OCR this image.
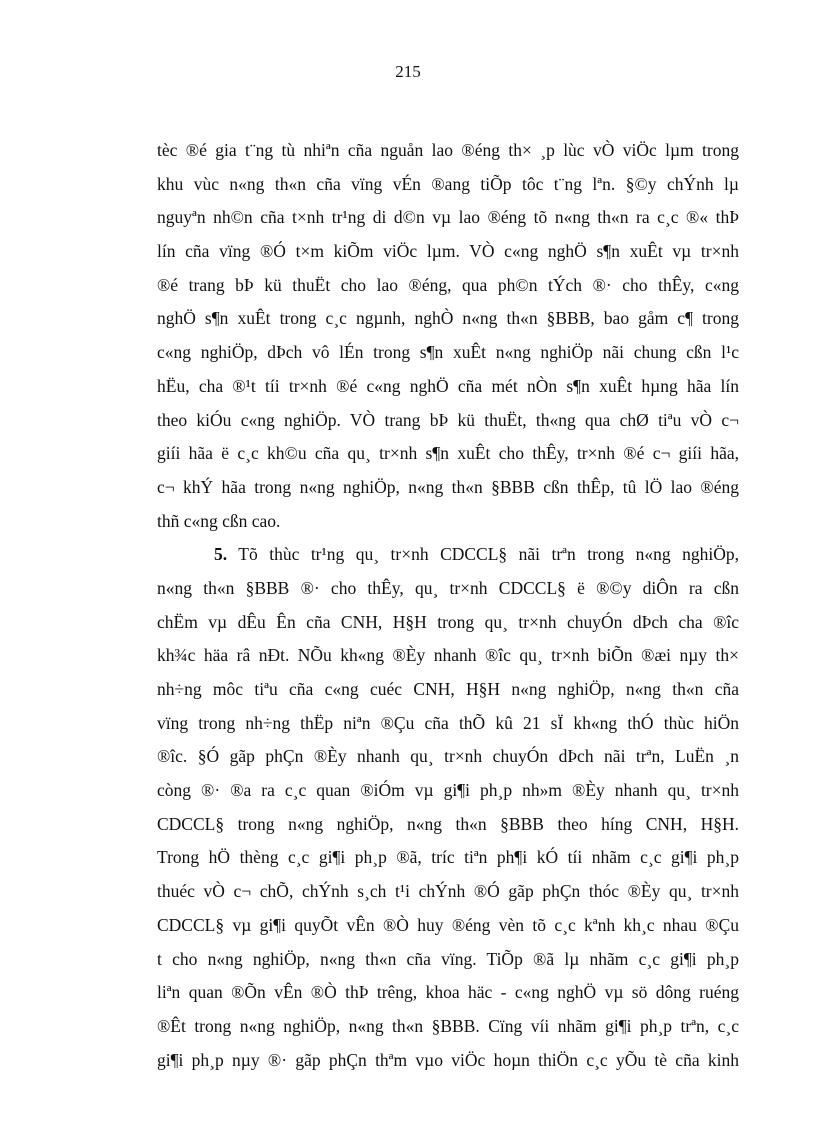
215
tèc ®é gia t¨ng tù nhiªn cña nguån lao ®éng th× ¸p lùc vÒ viÖc lµm trong
khu vùc n«ng th«n cña vïng vÉn ®ang tiÕp tôc t¨ng lªn. §©y chÝnh lµ
nguyªn nh©n cña t×nh tr¹ng di d©n vµ lao ®éng tõ n«ng th«n ra c¸c ®« thÞ
lín cña vïng ®Ó t×m kiÕm viÖc lµm. VÒ c«ng nghÖ s¶n xuÊt vµ tr×nh
®é trang bÞ kü thuËt cho lao ®éng, qua ph©n tÝch ®· cho thÊy, c«ng
nghÖ s¶n xuÊt trong c¸c ngµnh, nghÒ n«ng th«n §BBB, bao gåm c¶ trong
c«ng nghiÖp, dÞch vô lÉn trong s¶n xuÊt n«ng nghiÖp nãi chung cßn l¹c
hËu, cha ®¹t tíi tr×nh ®é c«ng nghÖ cña mét nÒn s¶n xuÊt hµng hãa lín
theo kiÓu c«ng nghiÖp. VÒ trang bÞ kü thuËt, th«ng qua chØ tiªu vÒ c¬
giíi hãa ë c¸c kh©u cña qu¸ tr×nh s¶n xuÊt cho thÊy, tr×nh ®é c¬ giíi hãa,
c¬ khÝ hãa trong n«ng nghiÖp, n«ng th«n §BBB cßn thÊp, tû lÖ lao ®éng
thñ c«ng cßn cao.
5. Tõ thùc tr¹ng qu¸ tr×nh CDCCL§ nãi trªn trong n«ng nghiÖp,
n«ng th«n §BBB ®· cho thÊy, qu¸ tr×nh CDCCL§ ë ®©y diÔn ra cßn
chËm vµ dÊu Ên cña CNH, H§H trong qu¸ tr×nh chuyÓn dÞch cha ®îc
kh¾c häa râ nÐt. NÕu kh«ng ®Èy nhanh ®îc qu¸ tr×nh biÕn ®æi nµy th×
nh÷ng môc tiªu cña c«ng cuéc CNH, H§H n«ng nghiÖp, n«ng th«n cña
vïng trong nh÷ng thËp niªn ®Çu cña thÕ kû 21 sÏ kh«ng thÓ thùc hiÖn
®îc. §Ó gãp phÇn ®Èy nhanh qu¸ tr×nh chuyÓn dÞch nãi trªn, LuËn ¸n
còng ®· ®a ra c¸c quan ®iÓm vµ gi¶i ph¸p nh»m ®Èy nhanh qu¸ tr×nh
CDCCL§ trong n«ng nghiÖp, n«ng th«n §BBB theo híng CNH, H§H.
Trong hÖ thèng c¸c gi¶i ph¸p ®ã, tríc tiªn ph¶i kÓ tíi nhãm c¸c gi¶i ph¸p
thuéc vÒ c¬ chÕ, chÝnh s¸ch t¹i chÝnh ®Ó gãp phÇn thóc ®Èy qu¸ tr×nh
CDCCL§ vµ gi¶i quyÕt vÊn ®Ò huy ®éng vèn tõ c¸c kªnh kh¸c nhau ®Çu
t cho n«ng nghiÖp, n«ng th«n cña vïng. TiÕp ®ã lµ nhãm c¸c gi¶i ph¸p
liªn quan ®Õn vÊn ®Ò thÞ trêng, khoa häc - c«ng nghÖ vµ sö dông ruéng
®Êt trong n«ng nghiÖp, n«ng th«n §BBB. Cïng víi nhãm gi¶i ph¸p trªn, c¸c
gi¶i ph¸p nµy ®· gãp phÇn thªm vµo viÖc hoµn thiÖn c¸c yÕu tè cña kinh
